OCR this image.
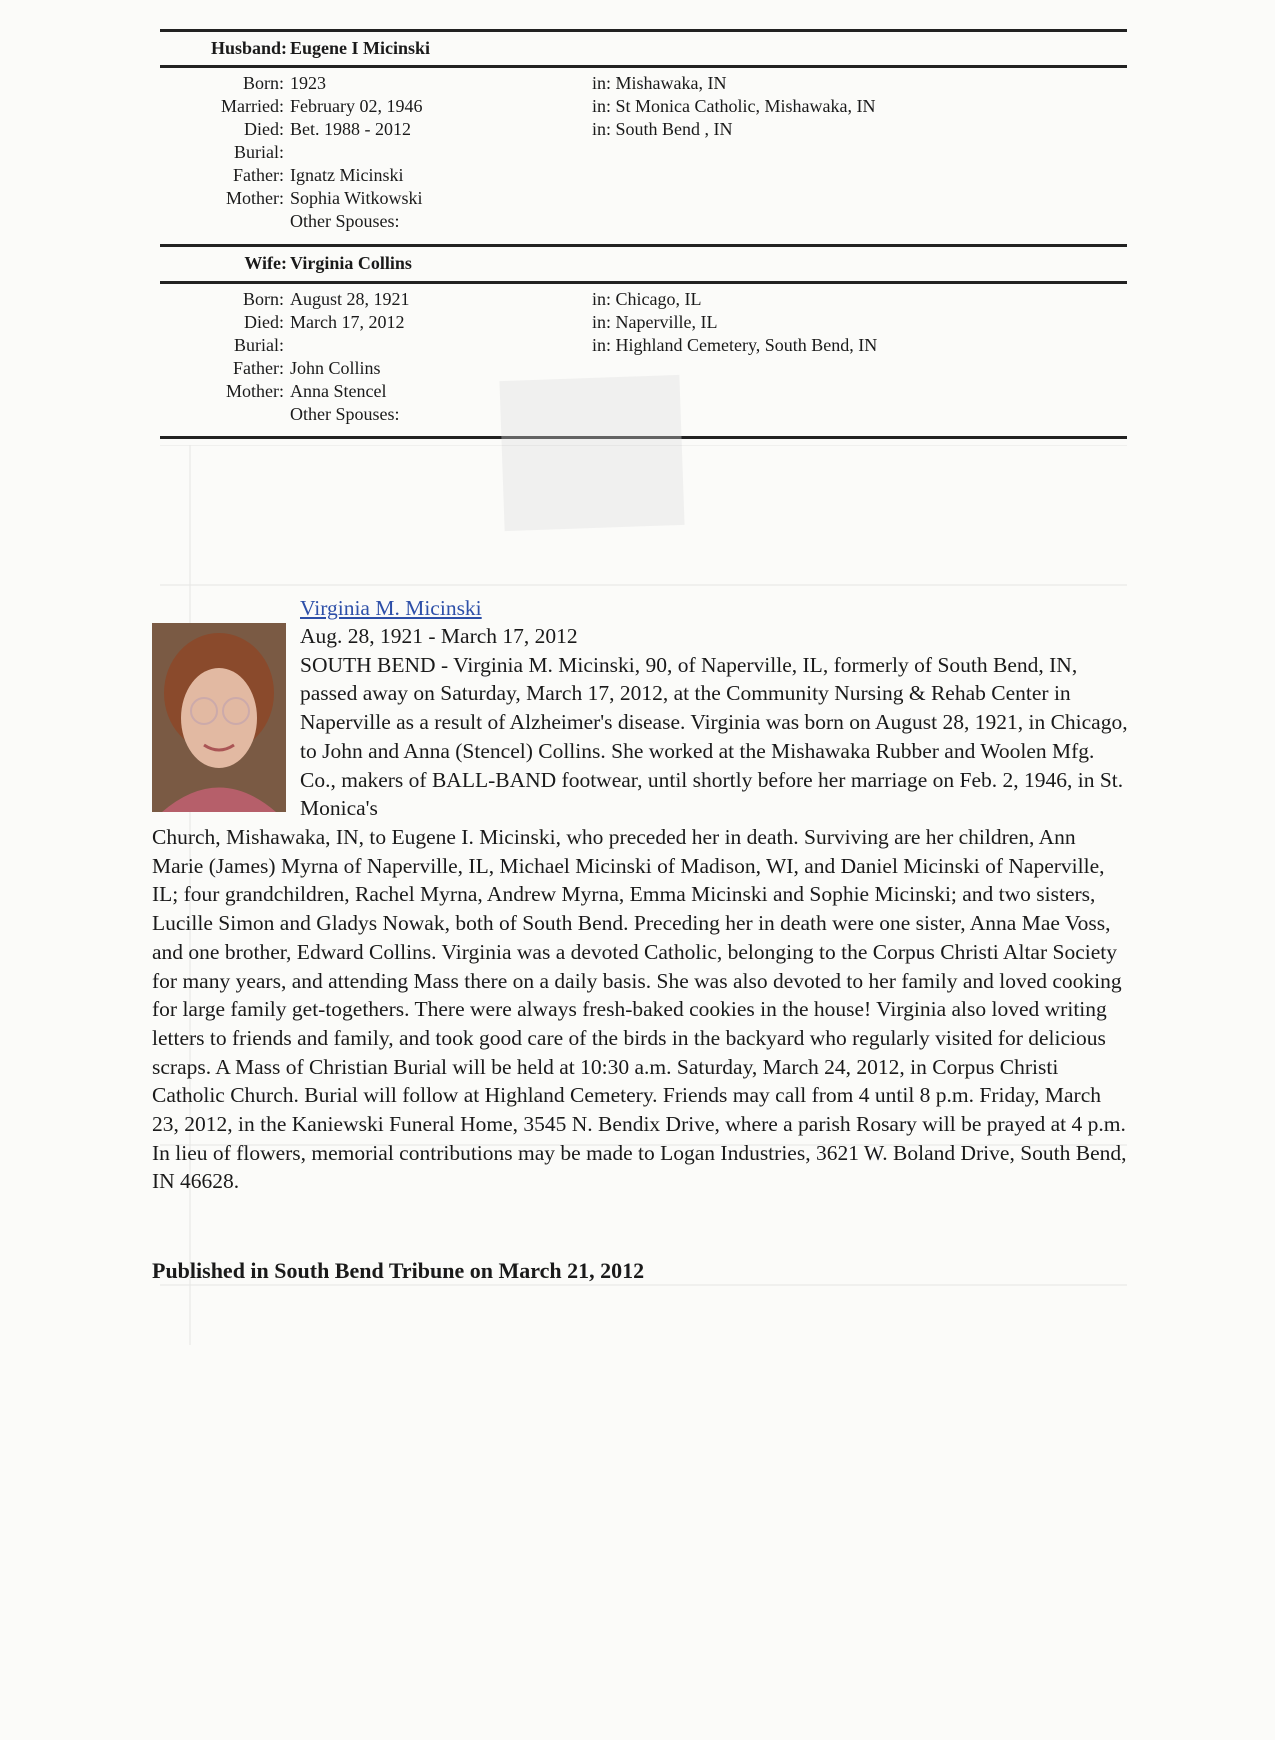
Husband: Eugene I Micinski
Born: 1923	in: Mishawaka, IN
Married: February 02, 1946	in: St Monica Catholic, Mishawaka, IN
Died: Bet. 1988 - 2012	in: South Bend , IN
Burial:
Father: Ignatz Micinski
Mother: Sophia Witkowski
Other Spouses:
Wife: Virginia Collins
Born: August 28, 1921	in: Chicago, IL
Died: March 17, 2012	in: Naperville, IL
Burial:	in: Highland Cemetery, South Bend, IN
Father: John Collins
Mother: Anna Stencel
Other Spouses:
Virginia M. Micinski
Aug. 28, 1921 - March 17, 2012
SOUTH BEND - Virginia M. Micinski, 90, of Naperville, IL, formerly of South Bend, IN, passed away on Saturday, March 17, 2012, at the Community Nursing & Rehab Center in Naperville as a result of Alzheimer's disease. Virginia was born on August 28, 1921, in Chicago, to John and Anna (Stencel) Collins. She worked at the Mishawaka Rubber and Woolen Mfg. Co., makers of BALL-BAND footwear, until shortly before her marriage on Feb. 2, 1946, in St. Monica's
Church, Mishawaka, IN, to Eugene I. Micinski, who preceded her in death. Surviving are her children, Ann Marie (James) Myrna of Naperville, IL, Michael Micinski of Madison, WI, and Daniel Micinski of Naperville, IL; four grandchildren, Rachel Myrna, Andrew Myrna, Emma Micinski and Sophie Micinski; and two sisters, Lucille Simon and Gladys Nowak, both of South Bend. Preceding her in death were one sister, Anna Mae Voss, and one brother, Edward Collins. Virginia was a devoted Catholic, belonging to the Corpus Christi Altar Society for many years, and attending Mass there on a daily basis. She was also devoted to her family and loved cooking for large family get-togethers. There were always fresh-baked cookies in the house! Virginia also loved writing letters to friends and family, and took good care of the birds in the backyard who regularly visited for delicious scraps. A Mass of Christian Burial will be held at 10:30 a.m. Saturday, March 24, 2012, in Corpus Christi Catholic Church. Burial will follow at Highland Cemetery. Friends may call from 4 until 8 p.m. Friday, March 23, 2012, in the Kaniewski Funeral Home, 3545 N. Bendix Drive, where a parish Rosary will be prayed at 4 p.m. In lieu of flowers, memorial contributions may be made to Logan Industries, 3621 W. Boland Drive, South Bend, IN 46628.
Published in South Bend Tribune on March 21, 2012
